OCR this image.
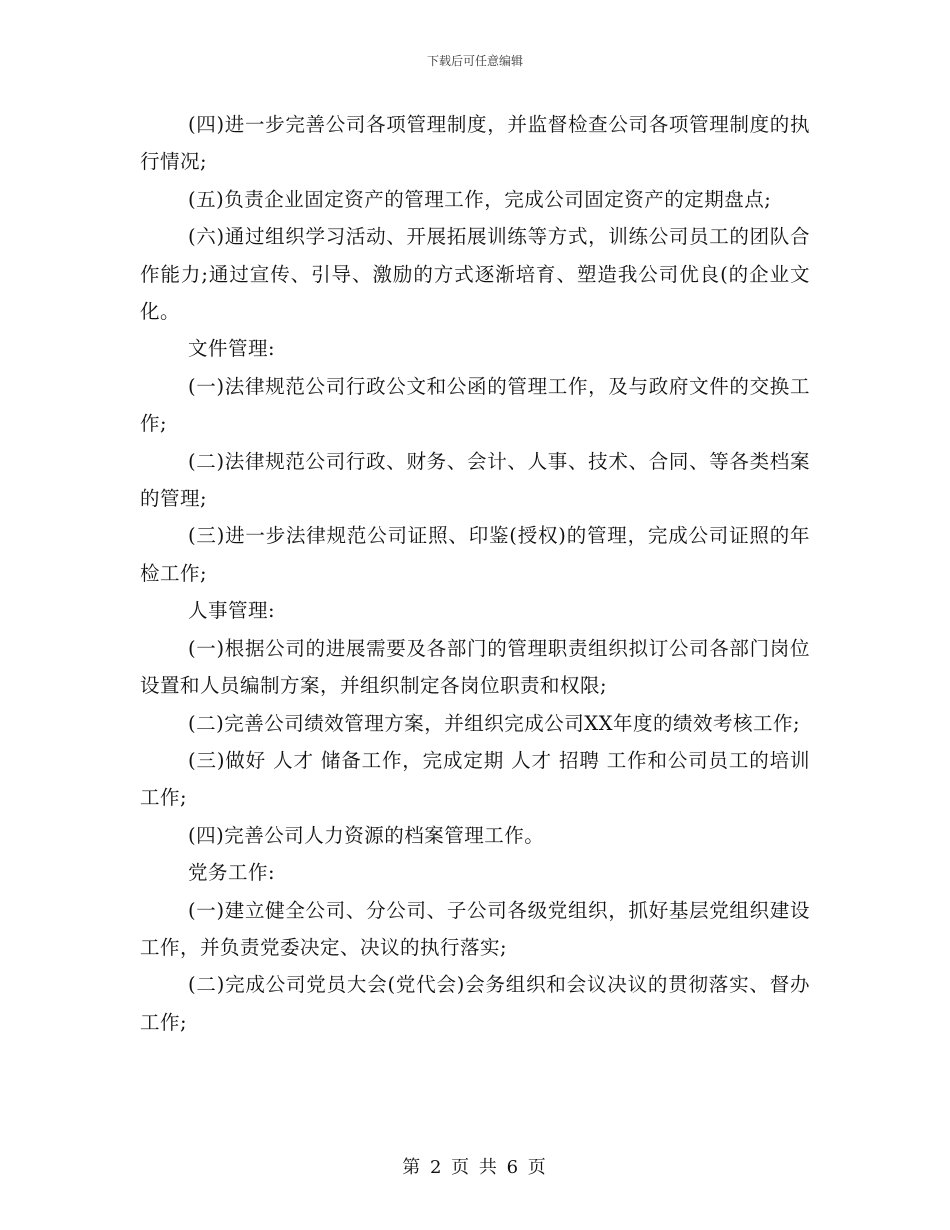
下载后可任意编辑

(四)进一步完善公司各项管理制度，并监督检查公司各项管理制度的执行情况;

(五)负责企业固定资产的管理工作，完成公司固定资产的定期盘点;

(六)通过组织学习活动、开展拓展训练等方式，训练公司员工的团队合作能力;通过宣传、引导、激励的方式逐渐培育、塑造我公司优良(的企业文化。

文件管理:

(一)法律规范公司行政公文和公函的管理工作，及与政府文件的交换工作;

(二)法律规范公司行政、财务、会计、人事、技术、合同、等各类档案的管理;

(三)进一步法律规范公司证照、印鉴(授权)的管理，完成公司证照的年检工作;

人事管理:

(一)根据公司的进展需要及各部门的管理职责组织拟订公司各部门岗位设置和人员编制方案，并组织制定各岗位职责和权限;

(二)完善公司绩效管理方案，并组织完成公司XX年度的绩效考核工作;

(三)做好 人才 储备工作，完成定期 人才 招聘 工作和公司员工的培训工作;

(四)完善公司人力资源的档案管理工作。

党务工作:

(一)建立健全公司、分公司、子公司各级党组织，抓好基层党组织建设工作，并负责党委决定、决议的执行落实;

(二)完成公司党员大会(党代会)会务组织和会议决议的贯彻落实、督办工作;

第 2 页 共 6 页
